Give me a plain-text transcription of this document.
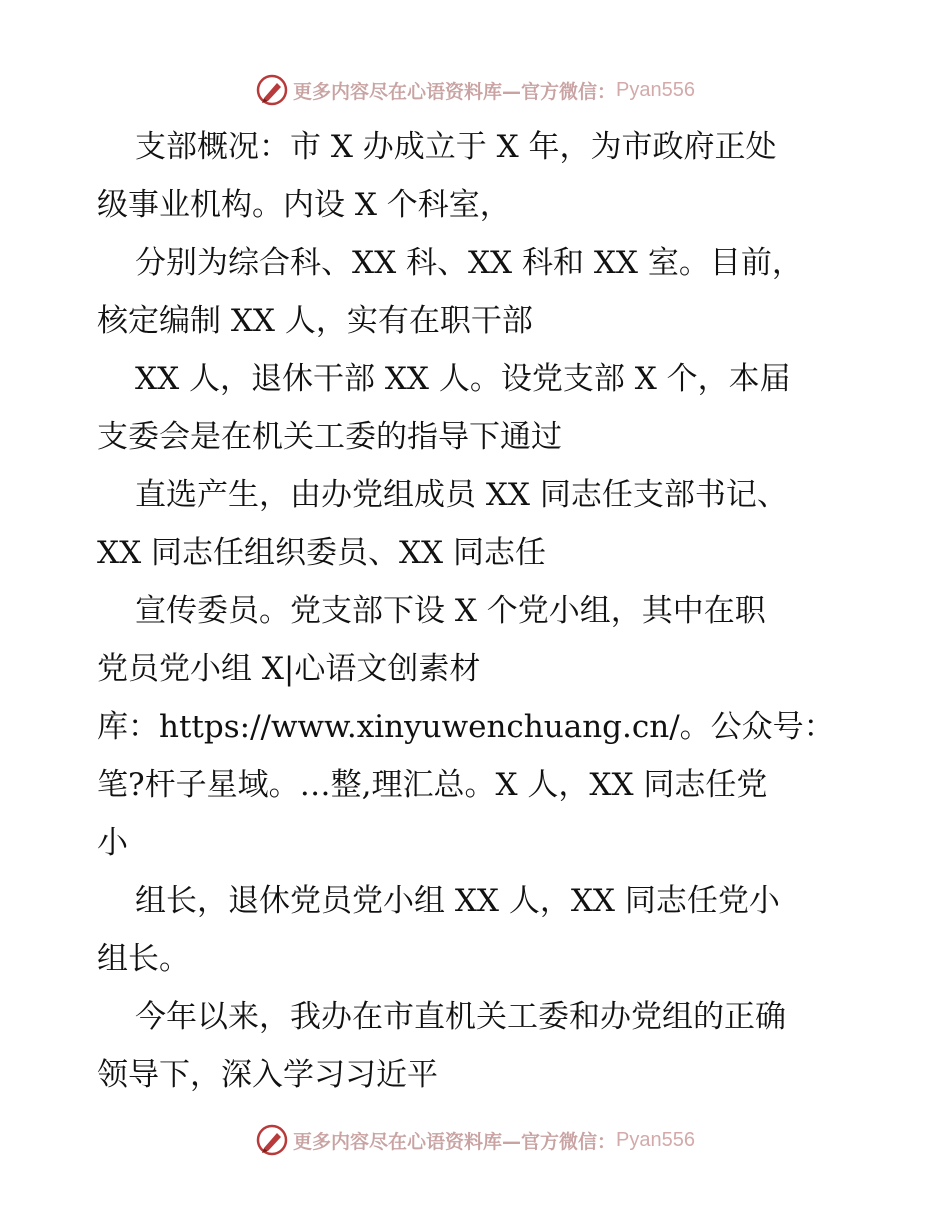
更多内容尽在心语资料库—官方微信： Pyan556

支部概况：市 X 办成立于 X 年，为市政府正处

级事业机构。内设 X 个科室，

分别为综合科、XX 科、XX 科和 XX 室。目前，

核定编制 XX 人，实有在职干部

XX 人，退休干部 XX 人。设党支部 X 个，本届

支委会是在机关工委的指导下通过

直选产生，由办党组成员 XX 同志任支部书记、

XX 同志任组织委员、XX 同志任

宣传委员。党支部下设 X 个党小组，其中在职

党员党小组 X|心语文创素材

库：https://www.xinyuwenchuang.cn/。公众号：

笔?杆子星域。…整,理汇总。X 人，XX 同志任党

小

组长，退休党员党小组 XX 人，XX 同志任党小

组长。

今年以来，我办在市直机关工委和办党组的正确

领导下，深入学习习近平

更多内容尽在心语资料库—官方微信： Pyan556
